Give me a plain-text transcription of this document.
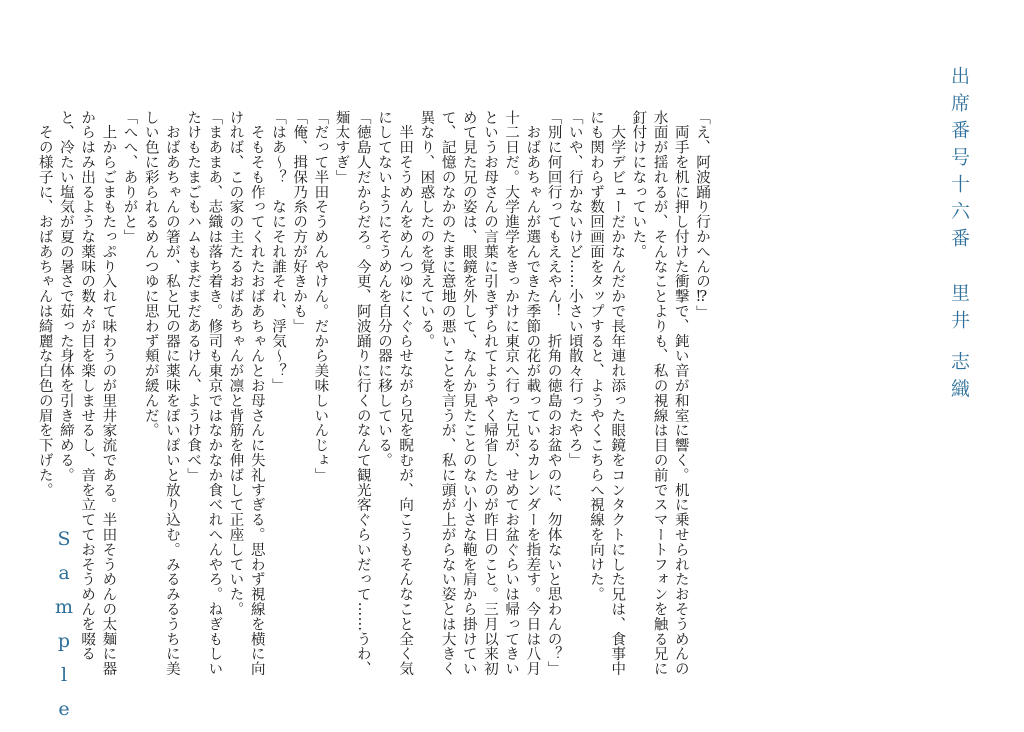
出席番号十六番里井 志織

「え、阿波踊り行かへんの⁉」
　両手を机に押し付けた衝撃で、鈍い音が和室に響く。机に乗せられたおそうめんの水面が揺れるが、そんなことよりも、私の視線は目の前でスマートフォンを触る兄に釘付けになっていた。
　大学デビューだかなんだかで長年連れ添った眼鏡をコンタクトにした兄は、食事中にも関わらず数回画面をタップすると、ようやくこちらへ視線を向けた。
「いや、行かないけど……小さい頃散々行ったやろ」
「別に何回行ってもええやん！　折角の徳島のお盆やのに、勿体ないと思わんの？」
　おばあちゃんが選んできた季節の花が載っているカレンダーを指差す。今日は八月十二日だ。大学進学をきっかけに東京へ行った兄が、せめてお盆ぐらいは帰ってきいというお母さんの言葉に引きずられてようやく帰省したのが昨日のこと。三月以来初めて見た兄の姿は、眼鏡を外して、なんか見たことのない小さな鞄を肩から掛けていて、記憶のなかのたまに意地の悪いことを言うが、私に頭が上がらない姿とは大きく異なり、困惑したのを覚えている。
　半田そうめんをめんつゆにくぐらせながら兄を睨むが、向こうもそんなこと全く気にしてないようにそうめんを自分の器に移している。
「徳島人だからだろ。今更、阿波踊りに行くのなんて観光客ぐらいだって……うわ、麺太すぎ」
「だって半田そうめんやけん。だから美味しいんじょ」
「俺、揖保乃糸の方が好きかも」
「はあ～？　なにそれ誰それ、浮気～？」
　そもそも作ってくれたおばあちゃんとお母さんに失礼すぎる。思わず視線を横に向ければ、この家の主たるおばあちゃんが凛と背筋を伸ばして正座していた。
「まあまあ、志織は落ち着き。修司も東京ではなかなか食べれへんやろ。ねぎもしいたけもたまごもハムもまだまだあるけん、ようけ食べ」
　おばあちゃんの箸が、私と兄の器に薬味をぽいぽいと放り込む。みるみるうちに美しい色に彩られるめんつゆに思わず頬が緩んだ。
「へへ、ありがと」
　上からごまもたっぷり入れて味わうのが里井家流である。半田そうめんの太麺に器からはみ出るような薬味の数々が目を楽しませるし、音を立てておそうめんを啜ると、冷たい塩気が夏の暑さで茹った身体を引き締める。
　その様子に、おばあちゃんは綺麗な白色の眉を下げた。

Sample
